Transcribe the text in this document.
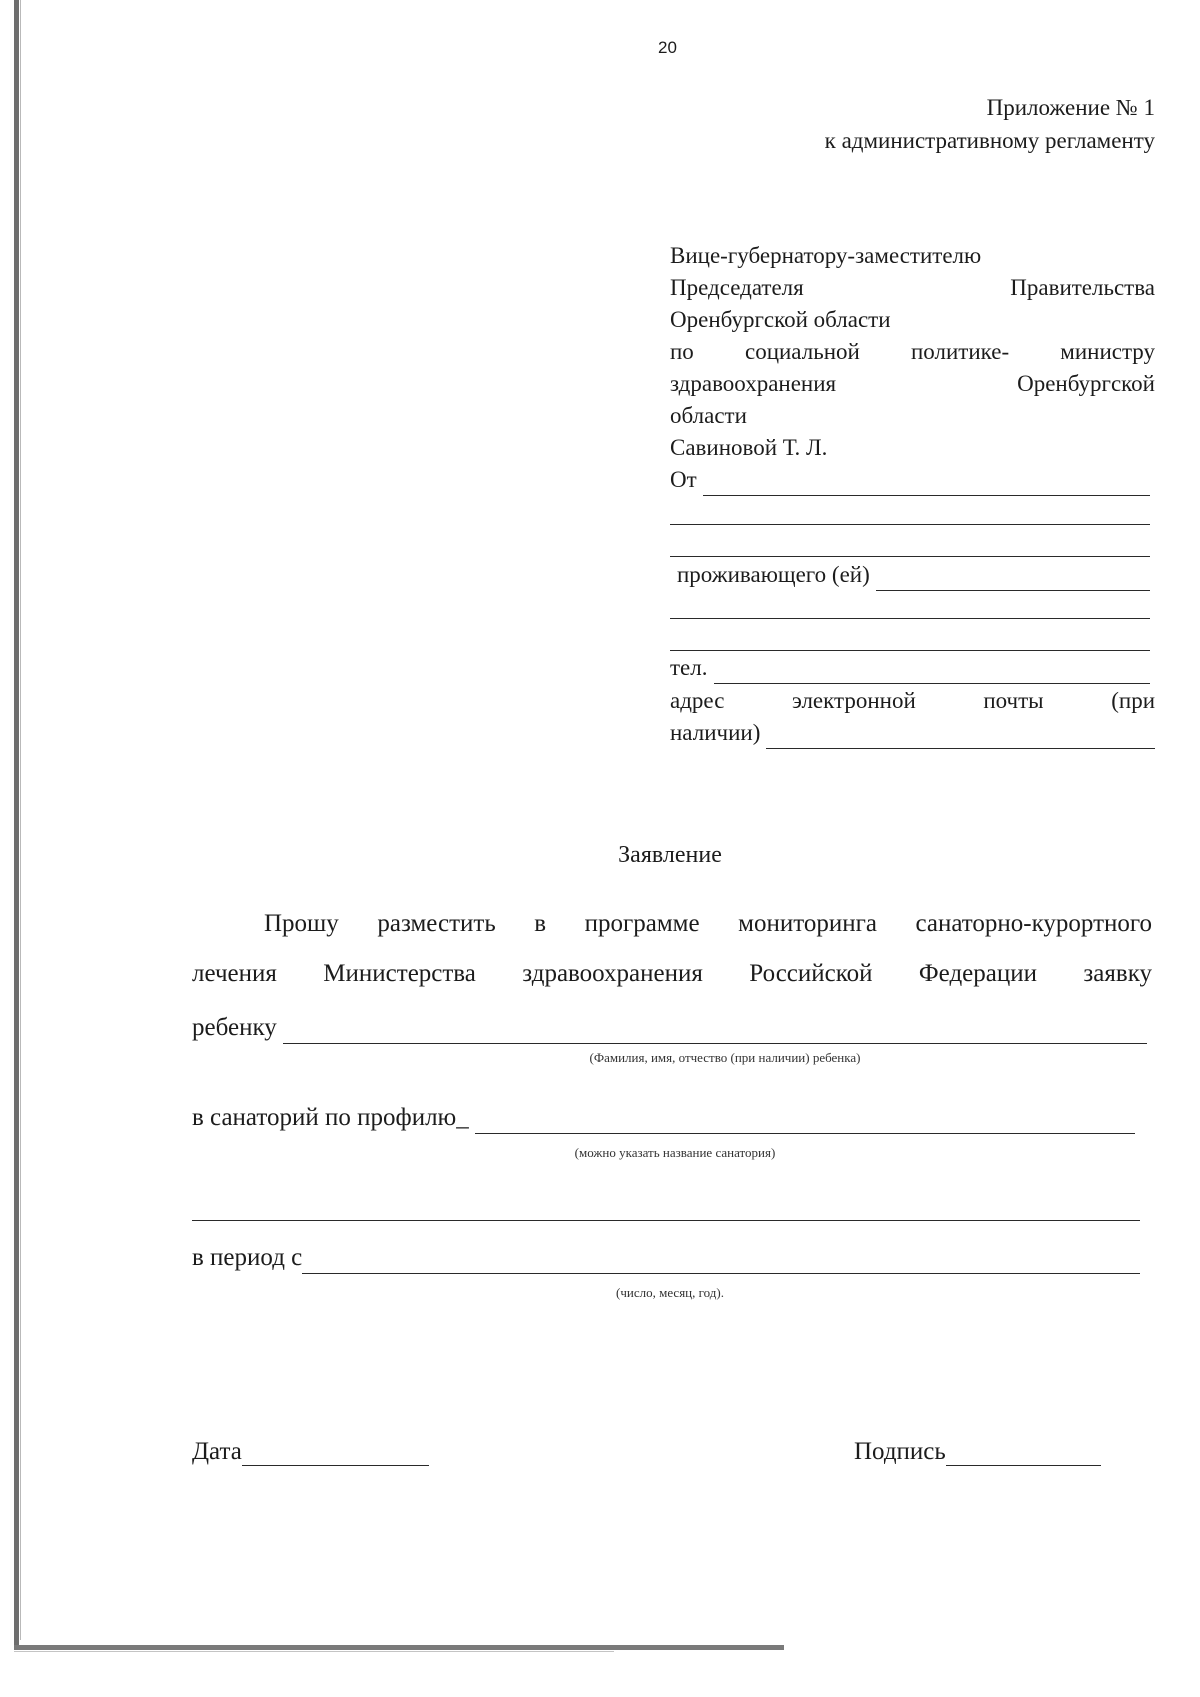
20
Приложение № 1
к административному регламенту
Вице-губернатору-заместителю
Председателя Правительства
Оренбургской области
по социальной политике- министру
здравоохранения Оренбургской
области
Савиновой Т. Л.
От
проживающего (ей)
тел.
адрес электронной почты (при
наличии)
Заявление
Прошу разместить в программе мониторинга санаторно-курортного
лечения Министерства здравоохранения Российской Федерации заявку
ребенку
(Фамилия, имя, отчество (при наличии) ребенка)
в санаторий по профилю_
(можно указать название санатория)
в период с
(число, месяц, год).
Дата	Подпись
